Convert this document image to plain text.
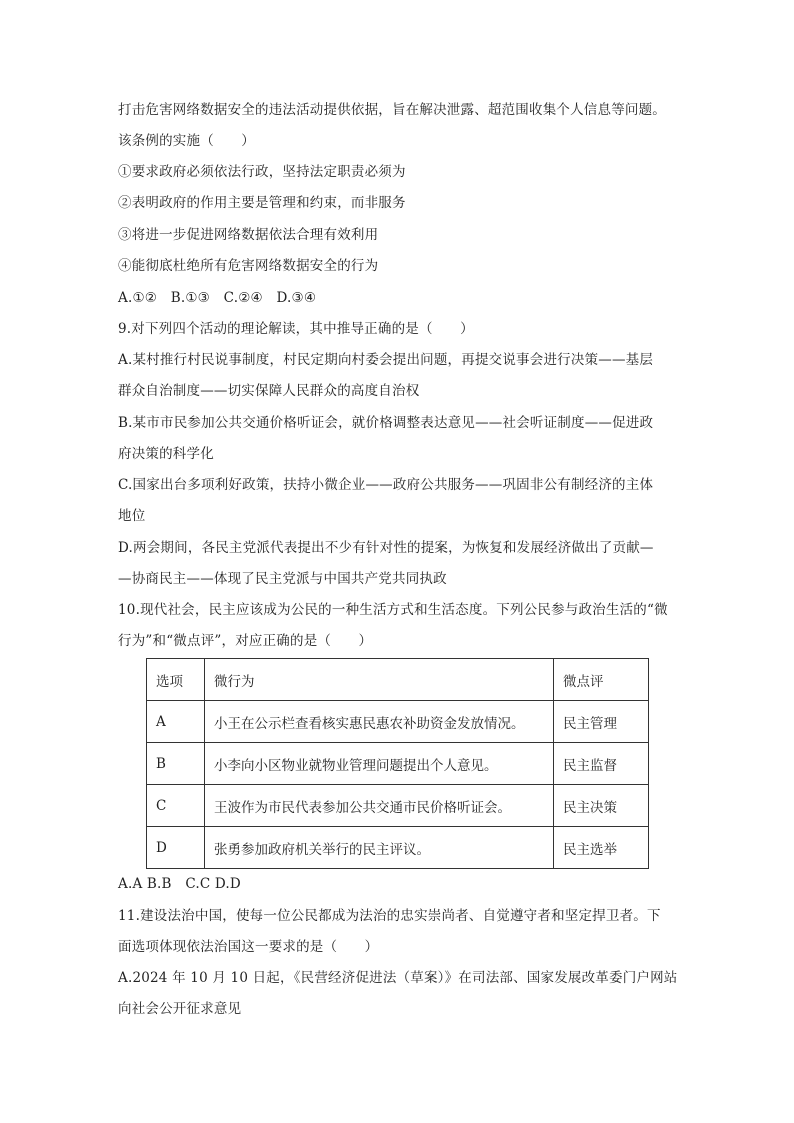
打击危害网络数据安全的违法活动提供依据，旨在解决泄露、超范围收集个人信息等问题。
该条例的实施（　　）
①要求政府必须依法行政，坚持法定职责必须为
②表明政府的作用主要是管理和约束，而非服务
③将进一步促进网络数据依法合理有效利用
④能彻底杜绝所有危害网络数据安全的行为
A.①②　B.①③　C.②④　D.③④
9.对下列四个活动的理论解读，其中推导正确的是（　　）
A.某村推行村民说事制度，村民定期向村委会提出问题，再提交说事会进行决策——基层
群众自治制度——切实保障人民群众的高度自治权
B.某市市民参加公共交通价格听证会，就价格调整表达意见——社会听证制度——促进政
府决策的科学化
C.国家出台多项利好政策，扶持小微企业——政府公共服务——巩固非公有制经济的主体
地位
D.两会期间，各民主党派代表提出不少有针对性的提案，为恢复和发展经济做出了贡献—
—协商民主——体现了民主党派与中国共产党共同执政
10.现代社会，民主应该成为公民的一种生活方式和生活态度。下列公民参与政治生活的“微
行为”和“微点评”，对应正确的是（　　）
选项	微行为	微点评
A	小王在公示栏查看核实惠民惠农补助资金发放情况。	民主管理
B	小李向小区物业就物业管理问题提出个人意见。	民主监督
C	王波作为市民代表参加公共交通市民价格听证会。	民主决策
D	张勇参加政府机关举行的民主评议。	民主选举
A.A B.B　C.C D.D
11.建设法治中国，使每一位公民都成为法治的忠实崇尚者、自觉遵守者和坚定捍卫者。下
面选项体现依法治国这一要求的是（　　）
A.2024 年 10 月 10 日起，《民营经济促进法（草案）》在司法部、国家发展改革委门户网站
向社会公开征求意见
